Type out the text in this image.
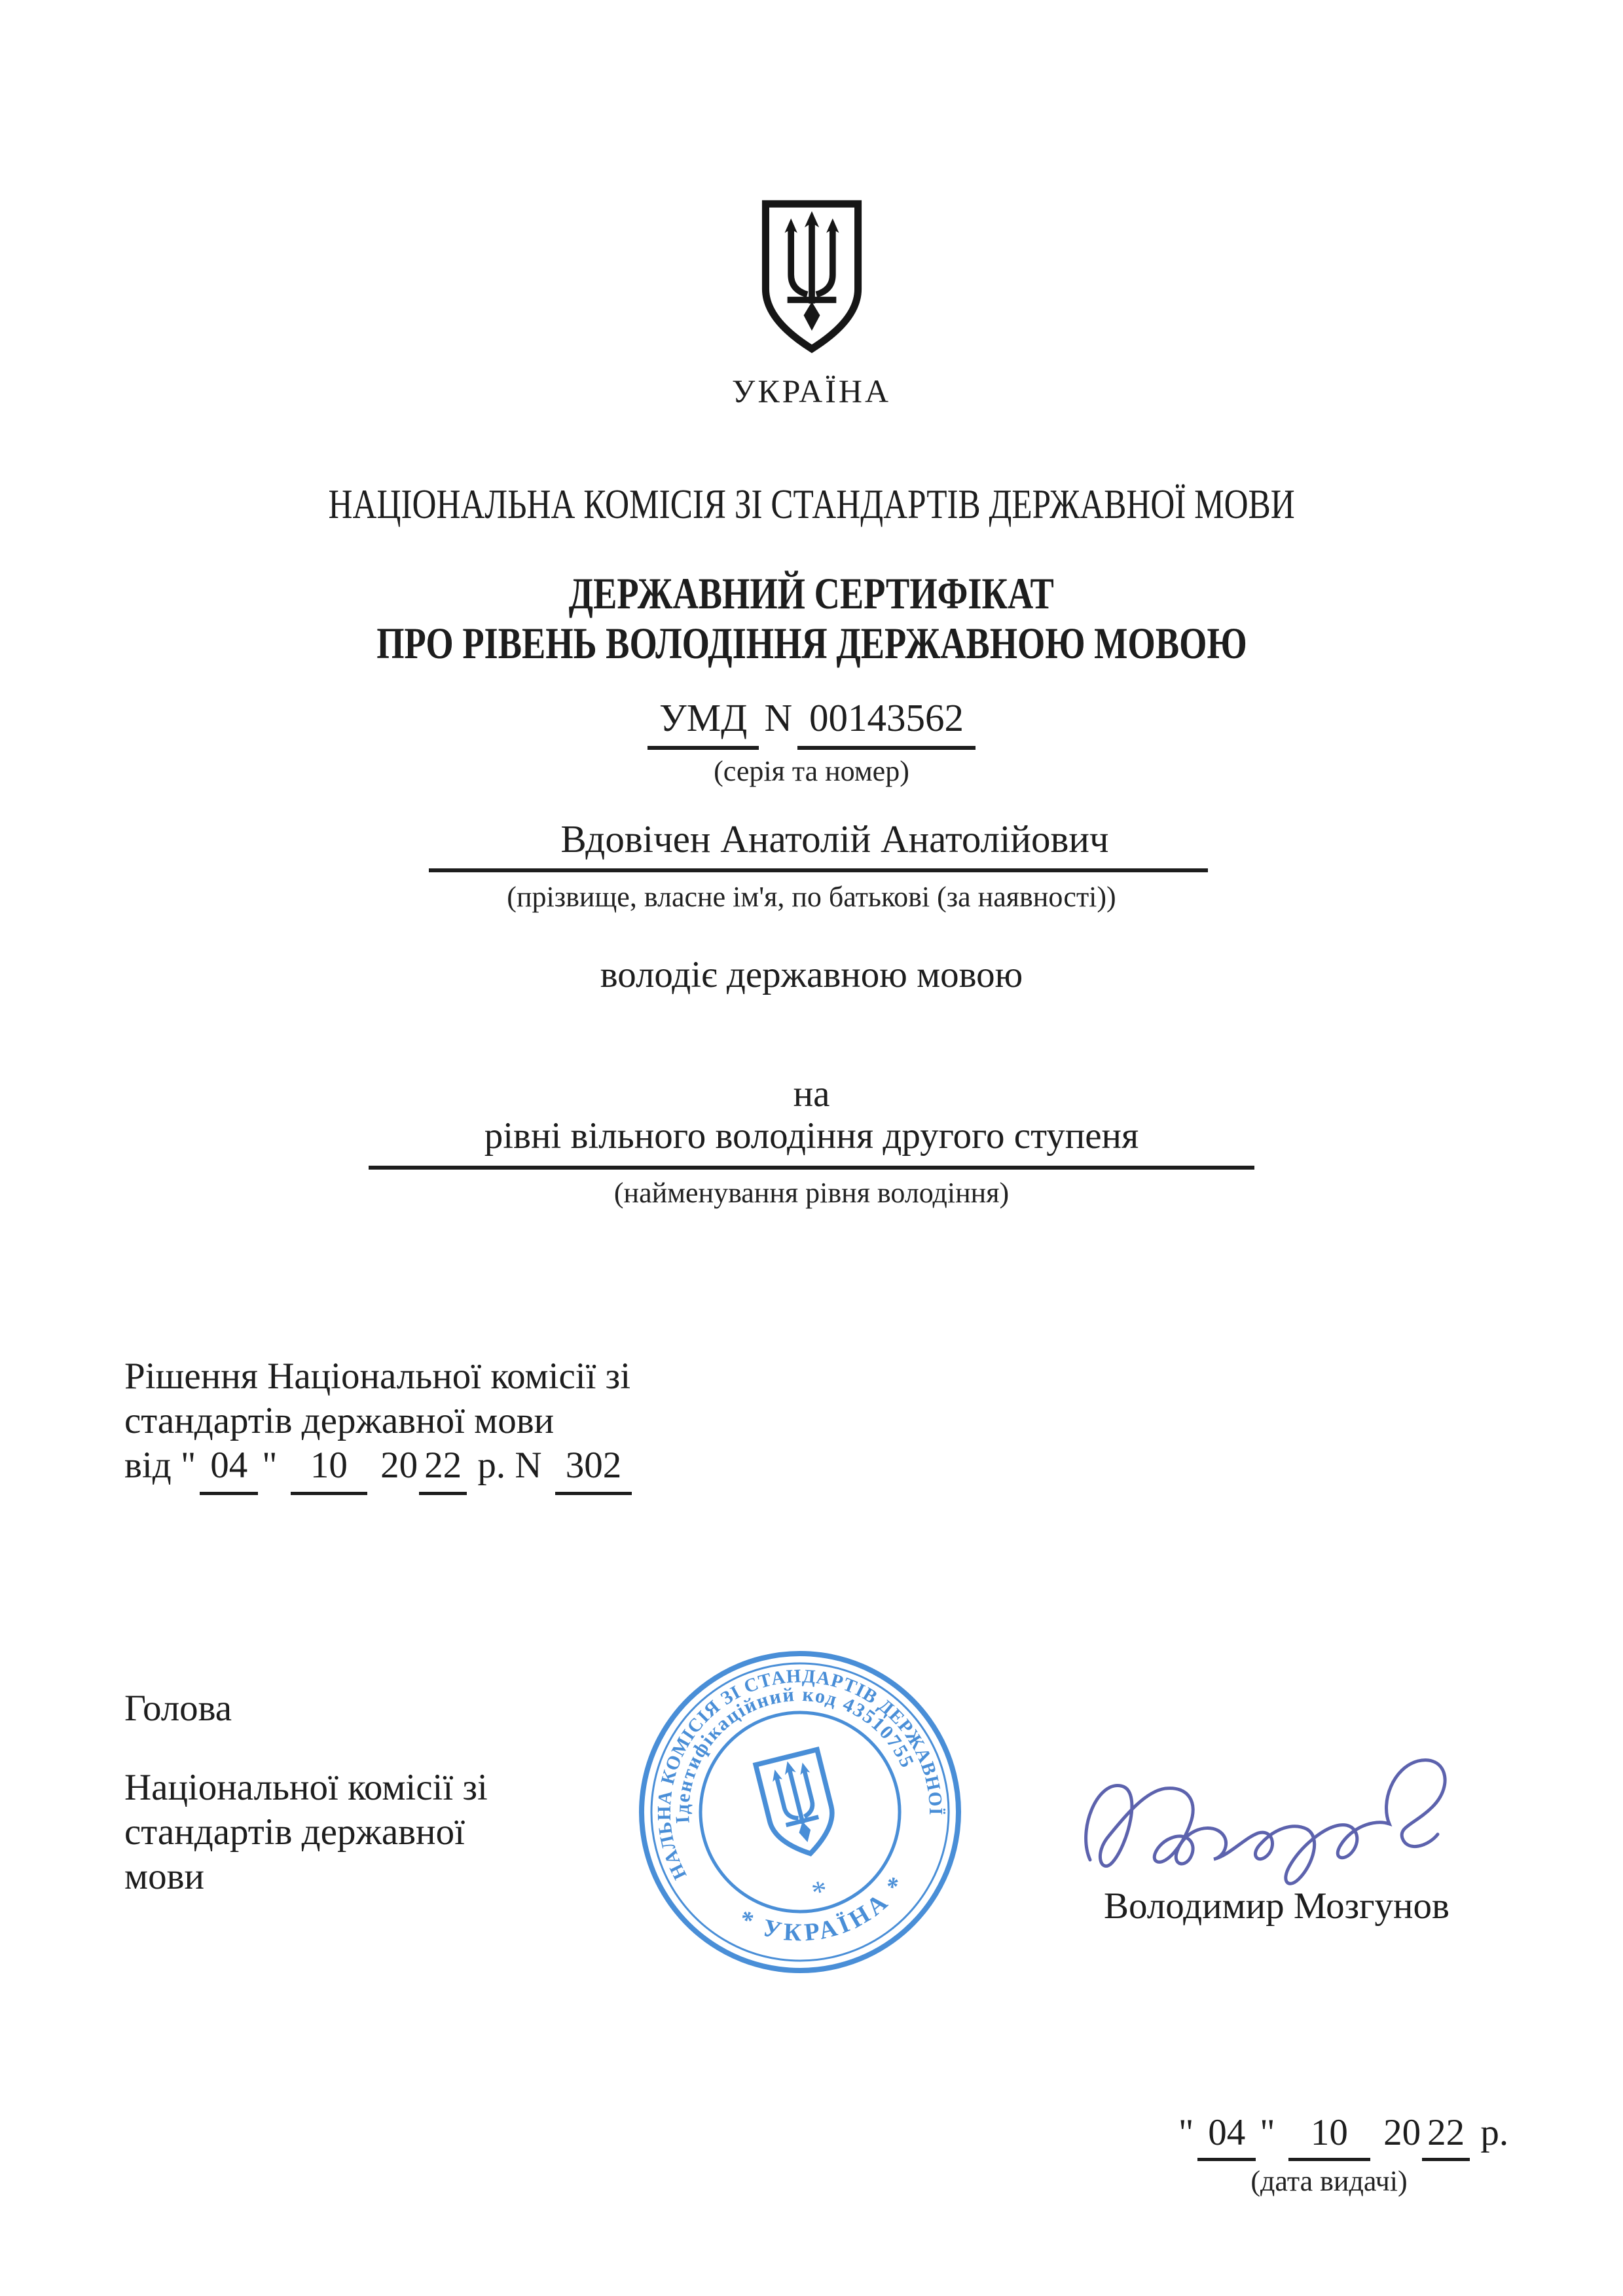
УКРАЇНА
НАЦІОНАЛЬНА КОМІСІЯ ЗІ СТАНДАРТІВ ДЕРЖАВНОЇ МОВИ
ДЕРЖАВНИЙ СЕРТИФІКАТ
ПРО РІВЕНЬ ВОЛОДІННЯ ДЕРЖАВНОЮ МОВОЮ
УМД N 00143562
(серія та номер)
Вдовічен Анатолій Анатолійович
(прізвище, власне ім'я, по батькові (за наявності))
володіє державною мовою
на
рівні вільного володіння другого ступеня
(найменування рівня володіння)
Рішення Національної комісії зі
стандартів державної мови
від " 04 " 10 20 22 р. N 302
Голова
Національної комісії зі
стандартів державної
мови
НАЦІОНАЛЬНА КОМІСІЯ ЗІ СТАНДАРТІВ ДЕРЖАВНОЇ МОВИ
Ідентифікаційний код 43510755
* УКРАЇНА *
*	Володимир Мозгунов
" 04 " 10 20 22 р.
(дата видачі)
